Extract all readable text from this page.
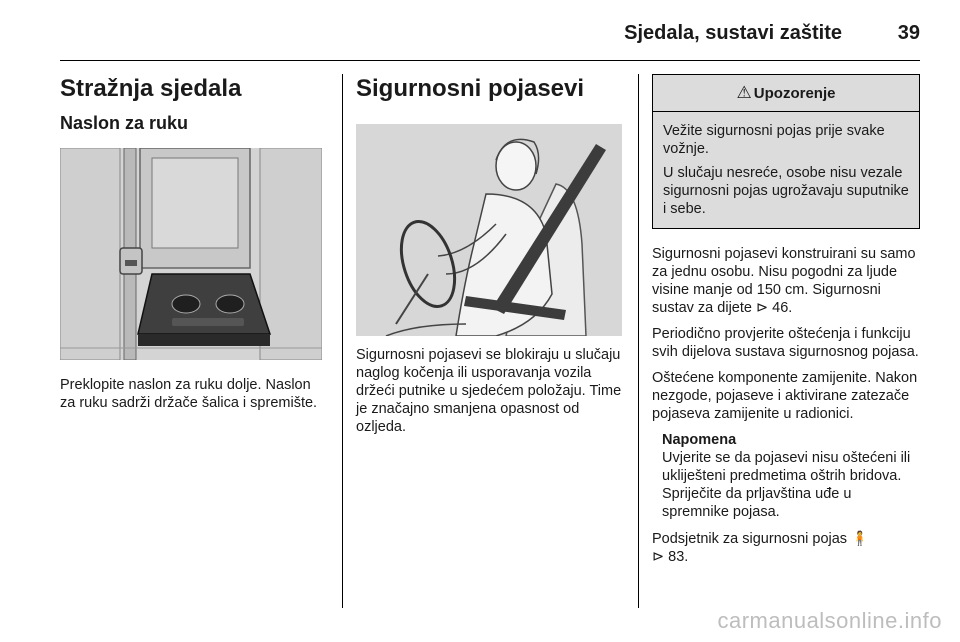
Sjedala, sustavi zaštite	39
Stražnja sjedala
Naslon za ruku

Preklopite naslon za ruku dolje. Naslon za ruku sadrži držače šalica i spremište.

Sigurnosni pojasevi

Sigurnosni pojasevi se blokiraju u slučaju naglog kočenja ili usporavanja vozila držeći putnike u sjedećem položaju. Time je značajno smanjena opasnost od ozljeda.

⚠ Upozorenje

Vežite sigurnosni pojas prije svake vožnje.

U slučaju nesreće, osobe nisu vezale sigurnosni pojas ugrožavaju suputnike i sebe.

Sigurnosni pojasevi konstruirani su samo za jednu osobu. Nisu pogodni za ljude visine manje od 150 cm. Sigurnosni sustav za dijete ⊳ 46.

Periodično provjerite oštećenja i funkciju svih dijelova sustava sigurnosnog pojasa.

Oštećene komponente zamijenite. Nakon nezgode, pojaseve i aktivirane zatezače pojaseva zamijenite u radionici.

Napomena

Uvjerite se da pojasevi nisu oštećeni ili ukliješteni predmetima oštrih bridova. Spriječite da prljavština uđe u spremnike pojasa.

Podsjetnik za sigurnosni pojas 🧍
⊳ 83.

carmanualsonline.info
